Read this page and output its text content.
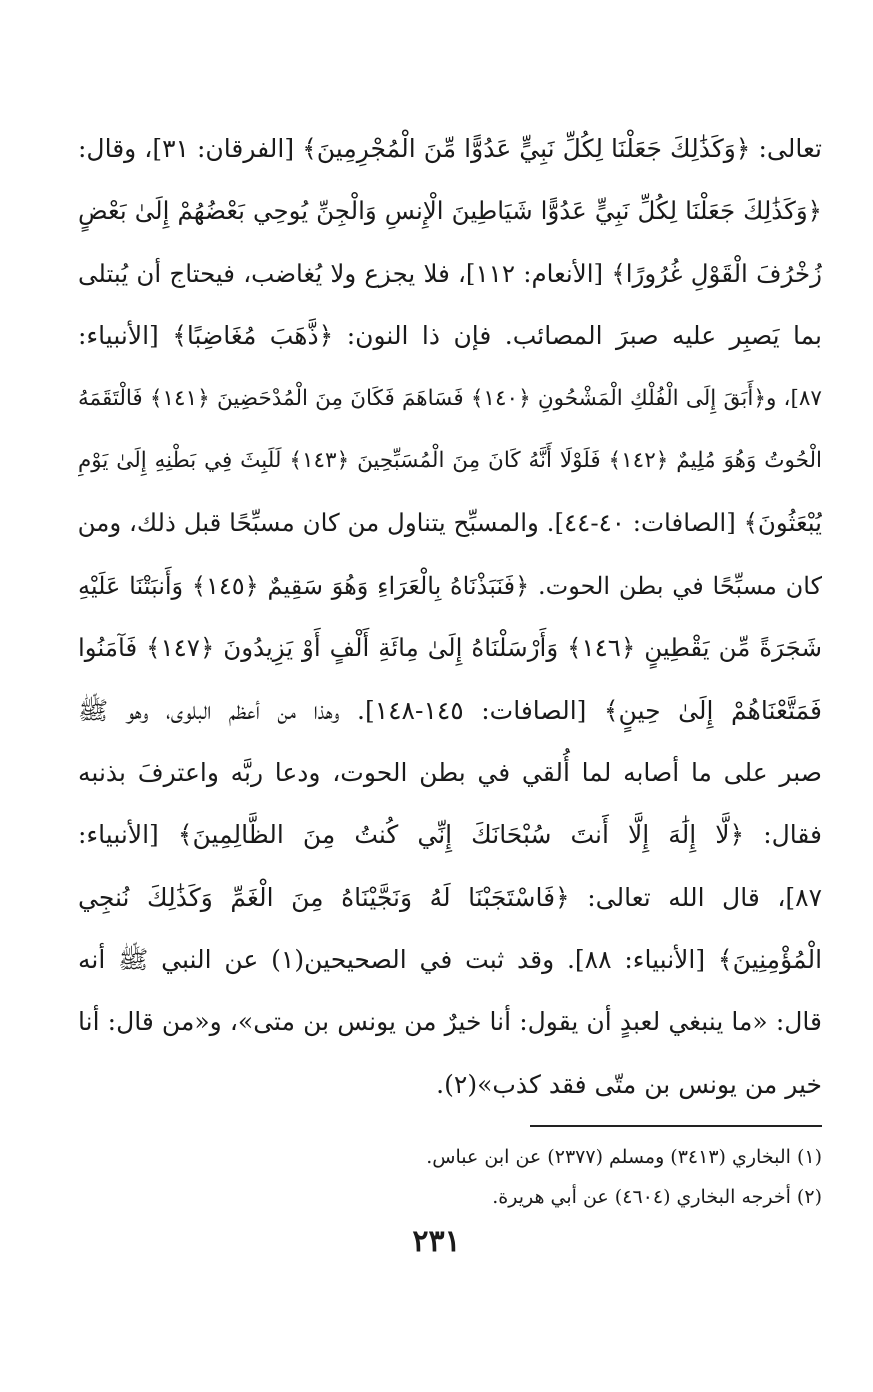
تعالى: ﴿وَكَذَٰلِكَ جَعَلْنَا لِكُلِّ نَبِيٍّ عَدُوًّا مِّنَ الْمُجْرِمِينَ﴾ [الفرقان: ٣١]، وقال:
﴿وَكَذَٰلِكَ جَعَلْنَا لِكُلِّ نَبِيٍّ عَدُوًّا شَيَاطِينَ الْإِنسِ وَالْجِنِّ يُوحِي بَعْضُهُمْ إِلَىٰ بَعْضٍ
زُخْرُفَ الْقَوْلِ غُرُورًا﴾ [الأنعام: ١١٢]، فلا يجزع ولا يُغاضب، فيحتاج أن يُبتلى
بما يَصبِر عليه صبرَ المصائب. فإن ذا النون: ﴿ذَّهَبَ مُغَاضِبًا﴾ [الأنبياء:
٨٧]، و﴿أَبَقَ إِلَى الْفُلْكِ الْمَشْحُونِ ﴿١٤٠﴾ فَسَاهَمَ فَكَانَ مِنَ الْمُدْحَضِينَ ﴿١٤١﴾ فَالْتَقَمَهُ
الْحُوتُ وَهُوَ مُلِيمٌ ﴿١٤٢﴾ فَلَوْلَا أَنَّهُ كَانَ مِنَ الْمُسَبِّحِينَ ﴿١٤٣﴾ لَلَبِثَ فِي بَطْنِهِ إِلَىٰ يَوْمِ
يُبْعَثُونَ﴾ [الصافات: ٤٠-٤٤]. والمسبِّح يتناول من كان مسبِّحًا قبل ذلك، ومن
كان مسبِّحًا في بطن الحوت. ﴿فَنَبَذْنَاهُ بِالْعَرَاءِ وَهُوَ سَقِيمٌ ﴿١٤٥﴾ وَأَنبَتْنَا عَلَيْهِ
شَجَرَةً مِّن يَقْطِينٍ ﴿١٤٦﴾ وَأَرْسَلْنَاهُ إِلَىٰ مِائَةِ أَلْفٍ أَوْ يَزِيدُونَ ﴿١٤٧﴾ فَآمَنُوا
فَمَتَّعْنَاهُمْ إِلَىٰ حِينٍ﴾ [الصافات: ١٤٥-١٤٨]. وهذا من أعظم البلوى، وهو ﷺ
صبر على ما أصابه لما أُلقي في بطن الحوت، ودعا ربَّه واعترفَ بذنبه
فقال: ﴿لَّا إِلَٰهَ إِلَّا أَنتَ سُبْحَانَكَ إِنِّي كُنتُ مِنَ الظَّالِمِينَ﴾ [الأنبياء:
٨٧]، قال الله تعالى: ﴿فَاسْتَجَبْنَا لَهُ وَنَجَّيْنَاهُ مِنَ الْغَمِّ وَكَذَٰلِكَ نُنجِي
الْمُؤْمِنِينَ﴾ [الأنبياء: ٨٨]. وقد ثبت في الصحيحين(١) عن النبي ﷺ أنه
قال: «ما ينبغي لعبدٍ أن يقول: أنا خيرٌ من يونس بن متى»، و«من قال: أنا
خير من يونس بن متّى فقد كذب»(٢).
(١) البخاري (٣٤١٣) ومسلم (٢٣٧٧) عن ابن عباس.
(٢) أخرجه البخاري (٤٦٠٤) عن أبي هريرة.
٢٣١
